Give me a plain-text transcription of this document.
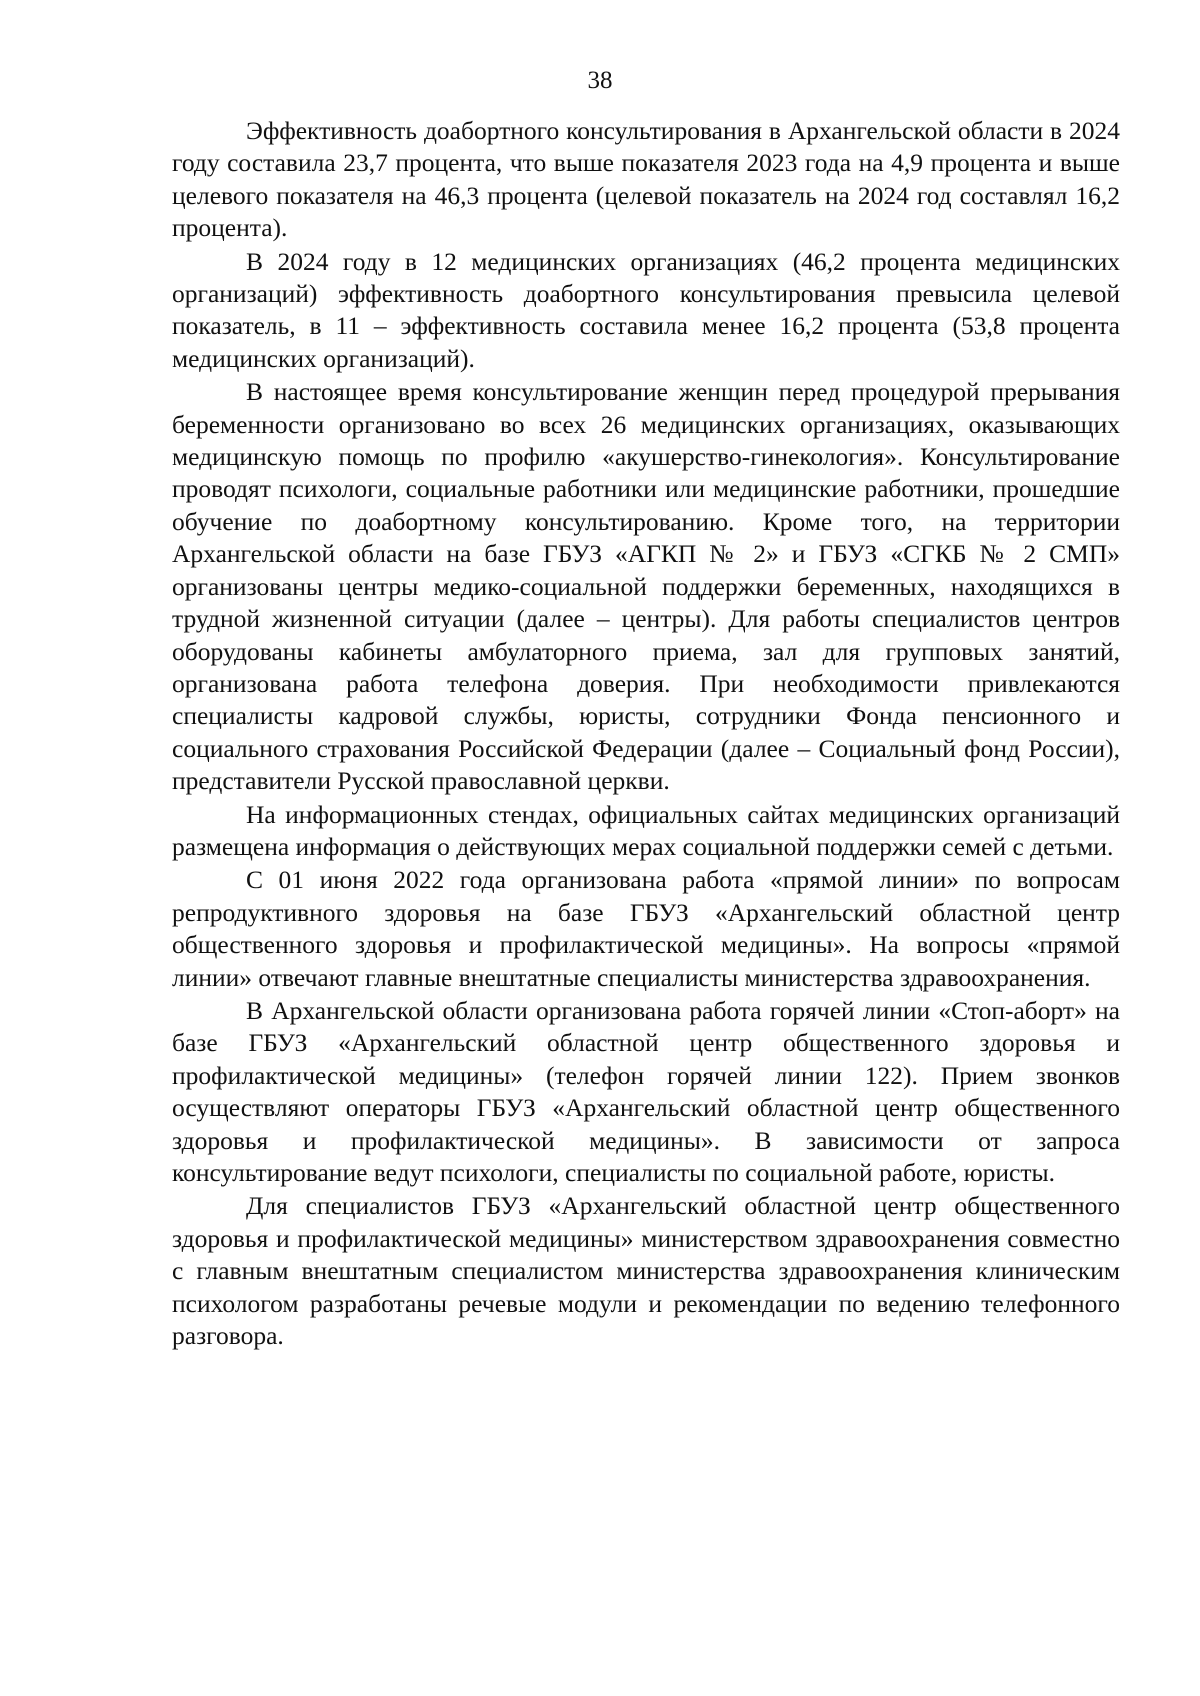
38

Эффективность доабортного консультирования в Архангельской области в 2024 году составила 23,7 процента, что выше показателя 2023 года на 4,9 процента и выше целевого показателя на 46,3 процента (целевой показатель на 2024 год составлял 16,2 процента).

В 2024 году в 12 медицинских организациях (46,2 процента медицинских организаций) эффективность доабортного консультирования превысила целевой показатель, в 11 – эффективность составила менее 16,2 процента (53,8 процента медицинских организаций).

В настоящее время консультирование женщин перед процедурой прерывания беременности организовано во всех 26 медицинских организациях, оказывающих медицинскую помощь по профилю «акушерство-гинекология». Консультирование проводят психологи, социальные работники или медицинские работники, прошедшие обучение по доабортному консультированию. Кроме того, на территории Архангельской области на базе ГБУЗ «АГКП № 2» и ГБУЗ «СГКБ № 2 СМП» организованы центры медико-социальной поддержки беременных, находящихся в трудной жизненной ситуации (далее – центры). Для работы специалистов центров оборудованы кабинеты амбулаторного приема, зал для групповых занятий, организована работа телефона доверия. При необходимости привлекаются специалисты кадровой службы, юристы, сотрудники Фонда пенсионного и социального страхования Российской Федерации (далее – Социальный фонд России), представители Русской православной церкви.

На информационных стендах, официальных сайтах медицинских организаций размещена информация о действующих мерах социальной поддержки семей с детьми.

С 01 июня 2022 года организована работа «прямой линии» по вопросам репродуктивного здоровья на базе ГБУЗ «Архангельский областной центр общественного здоровья и профилактической медицины». На вопросы «прямой линии» отвечают главные внештатные специалисты министерства здравоохранения.

В Архангельской области организована работа горячей линии «Стоп-аборт» на базе ГБУЗ «Архангельский областной центр общественного здоровья и профилактической медицины» (телефон горячей линии 122). Прием звонков осуществляют операторы ГБУЗ «Архангельский областной центр общественного здоровья и профилактической медицины». В зависимости от запроса консультирование ведут психологи, специалисты по социальной работе, юристы.

Для специалистов ГБУЗ «Архангельский областной центр общественного здоровья и профилактической медицины» министерством здравоохранения совместно с главным внештатным специалистом министерства здравоохранения клиническим психологом разработаны речевые модули и рекомендации по ведению телефонного разговора.
